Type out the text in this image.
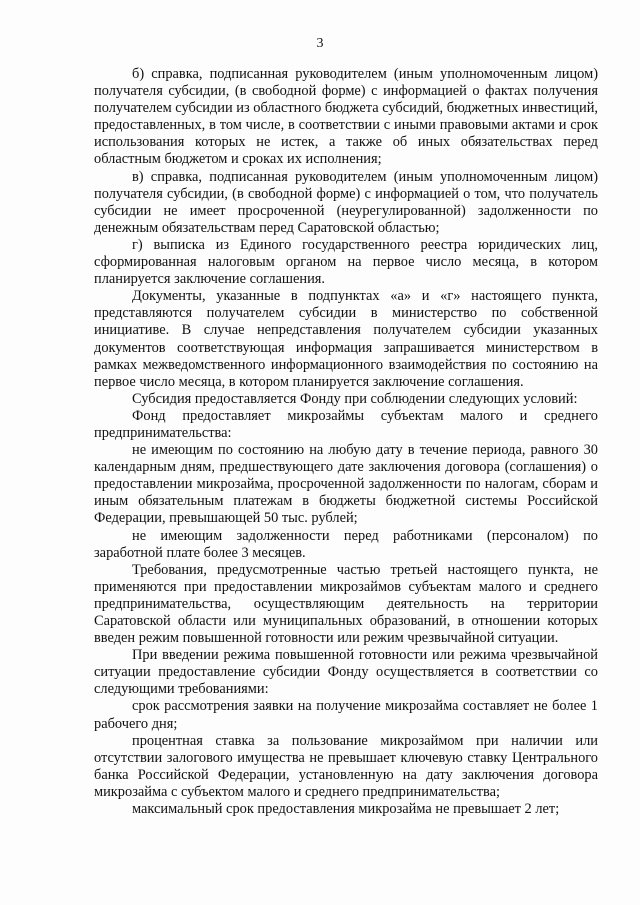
3

б) справка, подписанная руководителем (иным уполномоченным лицом) получателя субсидии, (в свободной форме) с информацией о фактах получения получателем субсидии из областного бюджета субсидий, бюджетных инвестиций, предоставленных, в том числе, в соответствии с иными правовыми актами и срок использования которых не истек, а также об иных обязательствах перед областным бюджетом и сроках их исполнения;

в) справка, подписанная руководителем (иным уполномоченным лицом) получателя субсидии, (в свободной форме) с информацией о том, что получатель субсидии не имеет просроченной (неурегулированной) задолженности по денежным обязательствам перед Саратовской областью;

г) выписка из Единого государственного реестра юридических лиц, сформированная налоговым органом на первое число месяца, в котором планируется заключение соглашения.

Документы, указанные в подпунктах «а» и «г» настоящего пункта, представляются получателем субсидии в министерство по собственной инициативе. В случае непредставления получателем субсидии указанных документов соответствующая информация запрашивается министерством в рамках межведомственного информационного взаимодействия по состоянию на первое число месяца, в котором планируется заключение соглашения.

Субсидия предоставляется Фонду при соблюдении следующих условий:

Фонд предоставляет микрозаймы субъектам малого и среднего предпринимательства:

не имеющим по состоянию на любую дату в течение периода, равного 30 календарным дням, предшествующего дате заключения договора (соглашения) о предоставлении микрозайма, просроченной задолженности по налогам, сборам и иным обязательным платежам в бюджеты бюджетной системы Российской Федерации, превышающей 50 тыс. рублей;

не имеющим задолженности перед работниками (персоналом) по заработной плате более 3 месяцев.

Требования, предусмотренные частью третьей настоящего пункта, не применяются при предоставлении микрозаймов субъектам малого и среднего предпринимательства, осуществляющим деятельность на территории Саратовской области или муниципальных образований, в отношении которых введен режим повышенной готовности или режим чрезвычайной ситуации.

При введении режима повышенной готовности или режима чрезвычайной ситуации предоставление субсидии Фонду осуществляется в соответствии со следующими требованиями:

срок рассмотрения заявки на получение микрозайма составляет не более 1 рабочего дня;

процентная ставка за пользование микрозаймом при наличии или отсутствии залогового имущества не превышает ключевую ставку Центрального банка Российской Федерации, установленную на дату заключения договора микрозайма с субъектом малого и среднего предпринимательства;

максимальный срок предоставления микрозайма не превышает 2 лет;
